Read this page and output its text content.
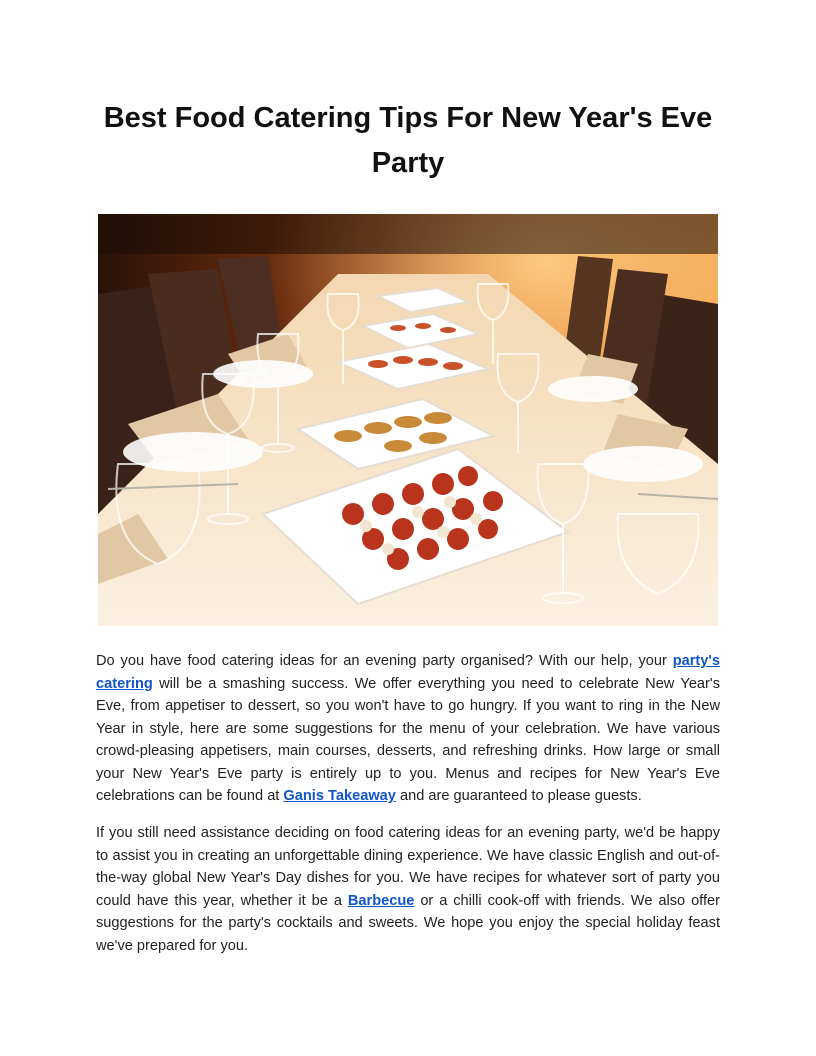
Best Food Catering Tips For New Year's Eve Party

Do you have food catering ideas for an evening party organised? With our help, your party's catering will be a smashing success. We offer everything you need to celebrate New Year's Eve, from appetiser to dessert, so you won't have to go hungry. If you want to ring in the New Year in style, here are some suggestions for the menu of your celebration. We have various crowd-pleasing appetisers, main courses, desserts, and refreshing drinks. How large or small your New Year's Eve party is entirely up to you. Menus and recipes for New Year's Eve celebrations can be found at Ganis Takeaway and are guaranteed to please guests.

If you still need assistance deciding on food catering ideas for an evening party, we'd be happy to assist you in creating an unforgettable dining experience. We have classic English and out-of-the-way global New Year's Day dishes for you. We have recipes for whatever sort of party you could have this year, whether it be a Barbecue or a chilli cook-off with friends. We also offer suggestions for the party's cocktails and sweets. We hope you enjoy the special holiday feast we've prepared for you.
